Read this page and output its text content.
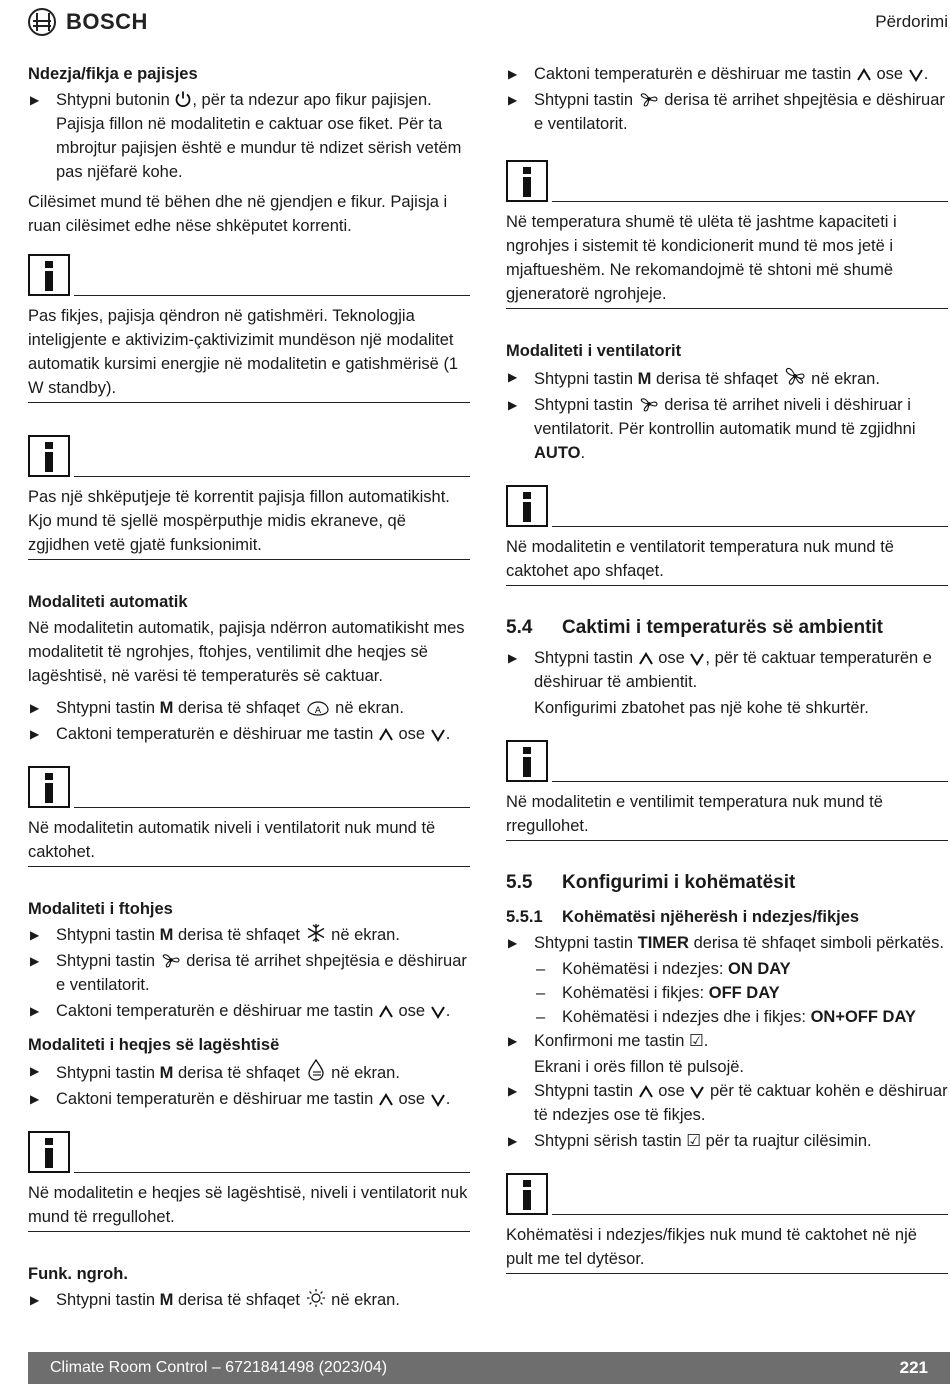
BOSCH	Përdorimi
Ndezja/fikja e pajisjes
▶ Shtypni butonin , për ta ndezur apo fikur pajisjen. Pajisja fillon në modalitetin e caktuar ose fiket. Për ta mbrojtur pajisjen është e mundur të ndizet sërish vetëm pas njëfarë kohe.
Cilësimet mund të bëhen dhe në gjendjen e fikur. Pajisja i ruan cilësimet edhe nëse shkëputet korrenti.
Pas fikjes, pajisja qëndron në gatishmëri. Teknologjia inteligjente e aktivizim-çaktivizimit mundëson një modalitet automatik kursimi energjie në modalitetin e gatishmërisë (1 W standby).
Pas një shkëputjeje të korrentit pajisja fillon automatikisht. Kjo mund të sjellë mospërputhje midis ekraneve, që zgjidhen vetë gjatë funksionimit.
Modaliteti automatik
Në modalitetin automatik, pajisja ndërron automatikisht mes modalitetit të ngrohjes, ftohjes, ventilimit dhe heqjes së lagështisë, në varësi të temperaturës së caktuar.
▶ Shtypni tastin M derisa të shfaqet A në ekran.
▶ Caktoni temperaturën e dëshiruar me tastin  ose .
Në modalitetin automatik niveli i ventilatorit nuk mund të caktohet.
Modaliteti i ftohjes
▶ Shtypni tastin M derisa të shfaqet  në ekran.
▶ Shtypni tastin  derisa të arrihet shpejtësia e dëshiruar e ventilatorit.
▶ Caktoni temperaturën e dëshiruar me tastin  ose .
Modaliteti i heqjes së lagështisë
▶ Shtypni tastin M derisa të shfaqet  në ekran.
▶ Caktoni temperaturën e dëshiruar me tastin  ose .
Në modalitetin e heqjes së lagështisë, niveli i ventilatorit nuk mund të rregullohet.
Funk. ngroh.
▶ Shtypni tastin M derisa të shfaqet  në ekran.
▶ Caktoni temperaturën e dëshiruar me tastin  ose .
▶ Shtypni tastin  derisa të arrihet shpejtësia e dëshiruar e ventilatorit.
Në temperatura shumë të ulëta të jashtme kapaciteti i ngrohjes i sistemit të kondicionerit mund të mos jetë i mjaftueshëm. Ne rekomandojmë të shtoni më shumë gjeneratorë ngrohjeje.
Modaliteti i ventilatorit
▶ Shtypni tastin M derisa të shfaqet  në ekran.
▶ Shtypni tastin  derisa të arrihet niveli i dëshiruar i ventilatorit. Për kontrollin automatik mund të zgjidhni AUTO.
Në modalitetin e ventilatorit temperatura nuk mund të caktohet apo shfaqet.
5.4	Caktimi i temperaturës së ambientit
▶ Shtypni tastin  ose , për të caktuar temperaturën e dëshiruar të ambientit.
Konfigurimi zbatohet pas një kohe të shkurtër.
Në modalitetin e ventilimit temperatura nuk mund të rregullohet.
5.5	Konfigurimi i kohëmatësit
5.5.1	Kohëmatësi njëherësh i ndezjes/fikjes
▶ Shtypni tastin TIMER derisa të shfaqet simboli përkatës.
– Kohëmatësi i ndezjes: ON DAY
– Kohëmatësi i fikjes: OFF DAY
– Kohëmatësi i ndezjes dhe i fikjes: ON+OFF DAY
▶ Konfirmoni me tastin ☑.
Ekrani i orës fillon të pulsojë.
▶ Shtypni tastin  ose  për të caktuar kohën e dëshiruar të ndezjes ose të fikjes.
▶ Shtypni sërish tastin ☑ për ta ruajtur cilësimin.
Kohëmatësi i ndezjes/fikjes nuk mund të caktohet në një pult me tel dytësor.
Climate Room Control – 6721841498 (2023/04)	221
